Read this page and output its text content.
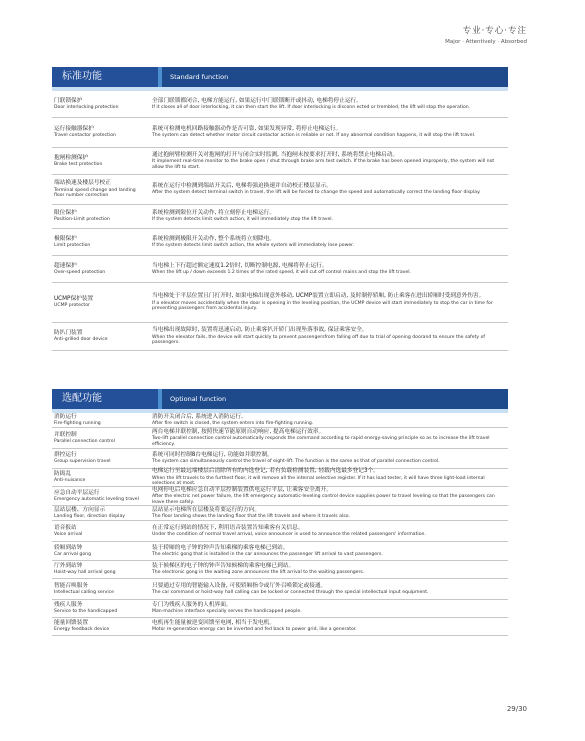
专业·专心·专注
Major · Attentively · Absorbed
标准功能	Standard function
门联锁保护
Door interlocking protection
全部门联锁都闭合, 电梯方能运行, 如果运行中门联锁断开或抖动, 电梯将停止运行。
If it closes all of door interlocking, it can then start the lift. If door interlocking is disconn ected or trembled, the lift will stop the operation.
运行接触器保护
Travel contactor protection
系统可检测电机回路接触器动作是否可靠, 如果发现异常, 将停止电梯运行。
The system can detect whether motor circuit contactor action is reliable or not. If any abnormal condition happens, it will stop the lift travel.
抱闸检测保护
Brake test protection
通过抱闸臂检测开关对抱闸的打开与闭合实时监测, 当抱闸未按要求打开时, 系统将禁止电梯启动。
It implement real-time monitor to the brake open / shut through brake arm test switch. If the brake has been opened improperly, the system will not allow the lift to start.
端站换速及楼层号校正
Terminal speed change and landing floor number correction
系统在运行中检测到端站开关后, 电梯将强迫换速并自动校正楼层显示。
After the system detect terminal switch in travel, the lift will be forced to change the speed and automatically correct the landing floor display.
限位保护
Position-Limit protection
系统检测到限位开关动作, 将立刻停止电梯运行。
If the system detects limit switch action, it will immediately stop the lift travel.
极限保护
Limit protection
系统检测到极限开关动作, 整个系统将立刻降电。
If the system detects limit switch action, the whole system will immediately lose power.
超速保护
Over-speed protection
当电梯上下行超过额定速度1.2倍时, 切断控制电源, 电梯将停止运行。
When the lift up / down exceeds 1.2 times of the rated speed, it will cut off control mains and stop the lift travel.
UCMP保护装置
UCMP protector
当电梯处于平层位置且门打开时, 如果电梯出现意外移动, UCMP装置立即启动, 及时制停轿厢, 防止乘客在进出轿厢时受到意外伤害。
If a elevator moves accidentally when the door is opening in the leveling position, the UCMP device will start immediately to stop the car in time for preventing passengers from accidental injury.
防扒门装置
Anti-grilled door device
当电梯出现故障时, 装置将迅速启动, 防止乘客扒开轿门出现坠落事故, 保证乘客安全。
When the elevator fails, the device will start quickly to prevent passengersfrom falling off due to trial of opening doorand to ensure the safety of passengers.
选配功能	Optional function
消防运行
Fire-fighting running
消防开关闭合后, 系统进入消防运行。
After fire switch is closed, the system enters into fire-fighting running.
并联控制
Parallel connection control
两台电梯并联控制, 按照快速节能原则自动响应, 提高电梯运行效率。
Two-lift parallel connection control automatically responds the command according to rapid energy-saving principle so as to increase the lift travel efficiency.
群控运行
Group supervision travel
系统可同时控制8台电梯运行, 功能如并联控制。
The system can simultaneously control the travel of eight-lift. The function is the same as that of parallel connection control.
防捣乱
Anti-nuisance
电梯运行至最远端楼层后清除所有的内选登记, 若有负载检测装置, 轻载内选最多登记3个。
When the lift travels to the furthest floor, it will remove all the internal selective register. If it has load tester, it will have three light-load internal selections at most.
应急自动平层运行
Emergency automatic leveling travel
电网停电后电梯应急自动平层控制装置供电运行平层, 让乘客安全离开。
After the electric net power failure, the lift emergency automatic-leveling control device supplies power to travel leveling so that the passengers can leave there safely.
层站层楼、方向显示
Landing floor, direction display
层站显示电梯所在层楼及将要运行的方向。
The floor landing shows the landing floor that the lift travels and where it travels also.
语音报站
Voice arrival
在正常运行到站的情况下, 利用语音装置告知乘客有关信息。
Under the condition of normal travel arrival, voice announcer is used to announce the related passengers' information.
轿厢到站钟
Car arrival gong
装于轿厢的电子钟的钟声告知乘梯的乘客电梯已到站。
The electric gong that is installed in the car announces the passenger lift arrival to vast passengers.
厅外到站钟
Hoist-way hall arrival gong
装于候梯区的电子钟的钟声告知候梯的乘客电梯已到站。
The electronic gong in the waiting zone announces the lift arrival to the waiting passengers.
智能召唤服务
Intellectual calling service
只要通过专用的智能输入设备, 可使轿厢指令或厅外召唤锁定或接通。
The car command or hoist-way hall calling can be locked or connected through the special intellectual input equipment.
残疾人服务
Service to the handicapped
专门为残疾人服务的人机界面。
Man-machine interface specially serves the handicapped people.
能量回馈装置
Energy feedback device
电机再生能量被逆变回馈至电网, 相当于发电机。
Motor re-generation energy can be inverted and fed back to power grid, like a generator.
29/30
